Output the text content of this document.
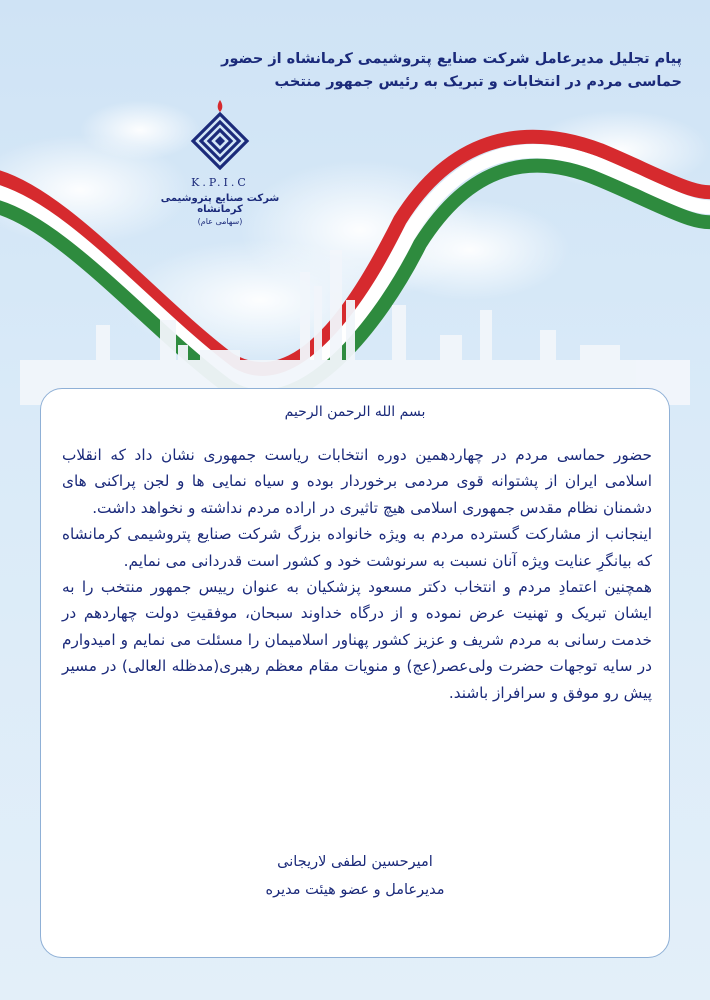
پیام تجلیل مدیرعامل شرکت صنایع پتروشیمی کرمانشاه از حضور
حماسی مردم در انتخابات و تبریک به رئیس جمهور منتخب
K.P.I.C
شرکت صنایع پتروشیمی کرمانشاه
(سهامی عام)
بسم الله الرحمن الرحیم

حضور حماسی مردم در چهاردهمین دوره انتخابات ریاست جمهوری نشان داد که انقلاب اسلامی ایران از پشتوانه قوی مردمی برخوردار بوده و سیاه نمایی ها و لجن پراکنی های دشمنان نظام مقدس جمهوری اسلامی هیچ تاثیری در اراده مردم نداشته و نخواهد داشت.

اینجانب از مشارکت گسترده مردم به ویژه خانواده بزرگ شرکت صنایع پتروشیمی کرمانشاه که بیانگرِ عنایت ویژه آنان نسبت به سرنوشت خود و کشور است قدردانی می نمایم.

همچنین اعتمادِ مردم و انتخاب دکتر مسعود پزشکیان به عنوان رییس جمهور منتخب را به ایشان تبریک و تهنیت عرض نموده و از درگاه خداوند سبحان، موفقیتِ دولت چهاردهم در خدمت رسانی به مردم شریف و عزیز کشور پهناور اسلامیمان را مسئلت می نمایم و امیدوارم در سایه توجهات حضرت ولی‌عصر(عج) و منویات مقام معظم رهبری(مدظله العالی) در مسیر پیش رو موفق و سرافراز باشند.

امیرحسین لطفی لاریجانی
مدیرعامل و عضو هیئت مدیره
